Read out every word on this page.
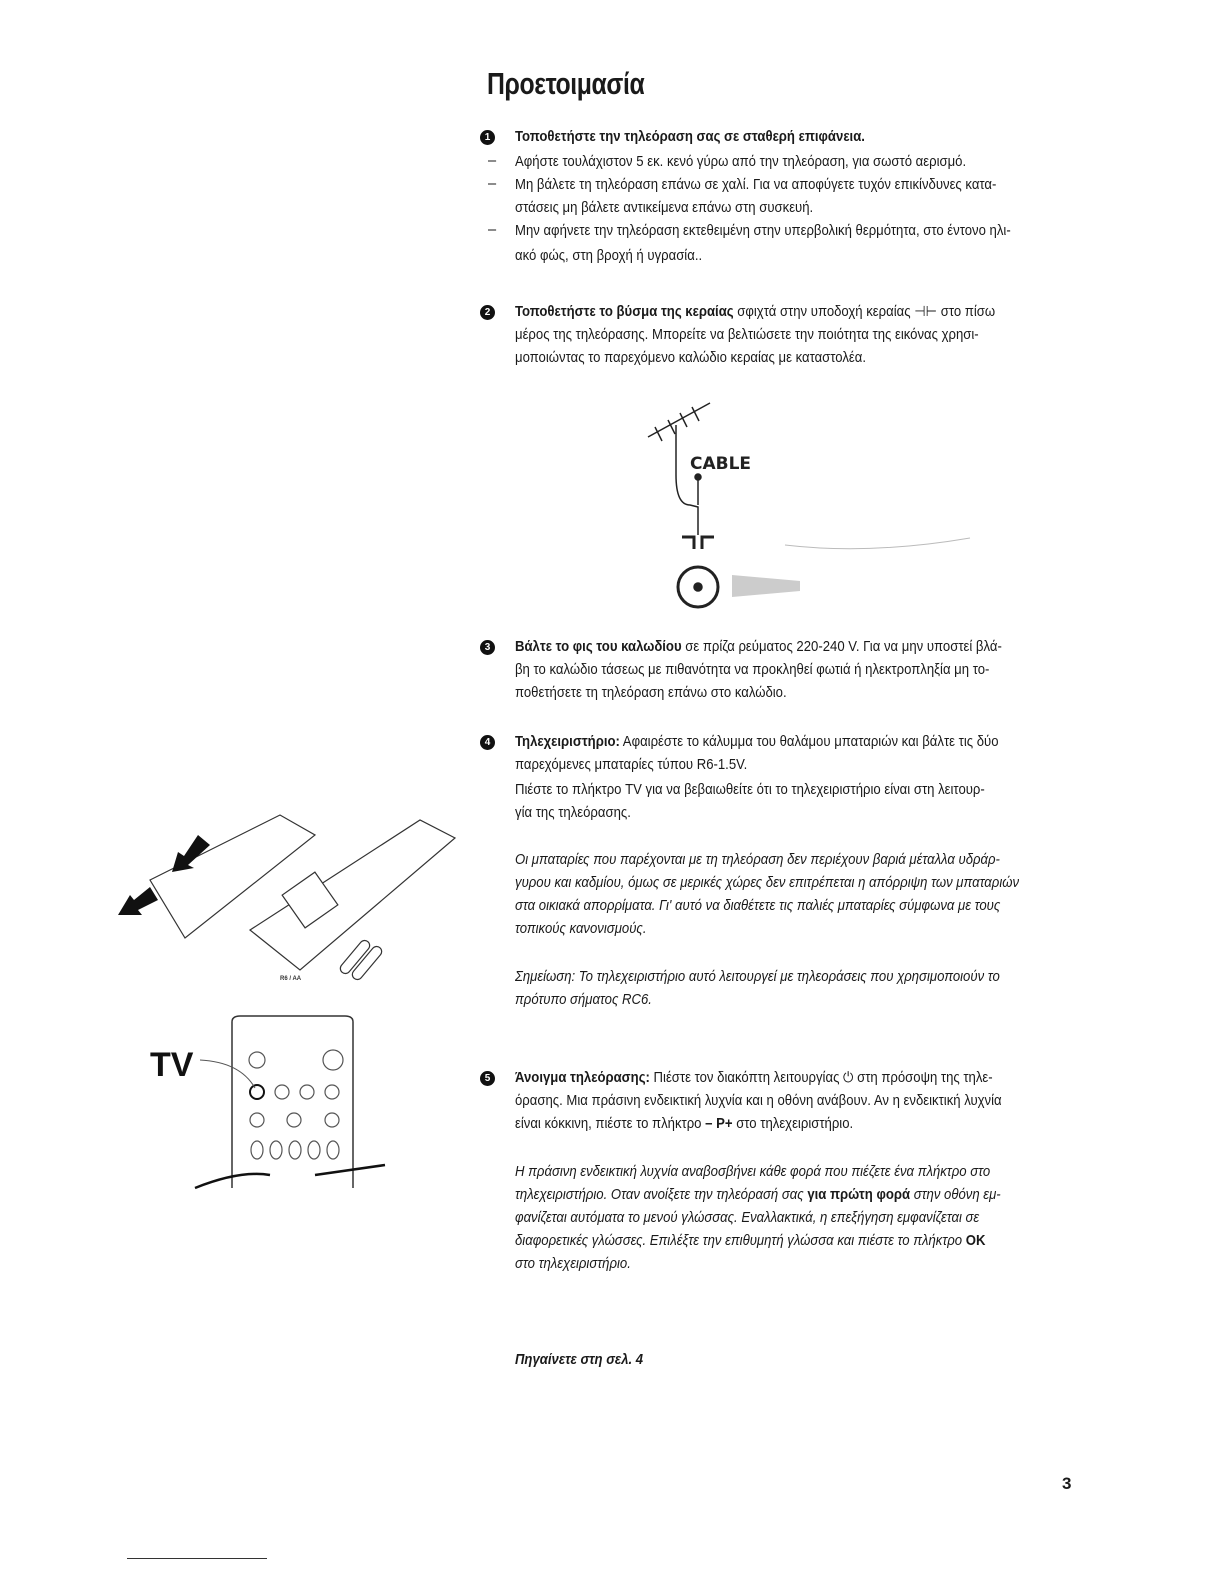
Προετοιμασία
1	Τοποθετήστε την τηλεόραση σας σε σταθερή επιφάνεια.
Αφήστε τουλάχιστον 5 εκ. κενό γύρω από την τηλεόραση, για σωστό αερισμό.
Μη βάλετε τη τηλεόραση επάνω σε χαλί. Για να αποφύγετε τυχόν επικίνδυνες κατα-
στάσεις μη βάλετε αντικείμενα επάνω στη συσκευή.
Μην αφήνετε την τηλεόραση εκτεθειμένη στην υπερβολική θερμότητα, στο έντονο ηλι-
ακό φώς, στη βροχή ή υγρασία..
–
–
–
2	Τοποθετήστε το βύσμα της κεραίας σφιχτά στην υποδοχή κεραίας ⊣⊢ στο πίσω
μέρος της τηλεόρασης. Μπορείτε να βελτιώσετε την ποιότητα της εικόνας χρησι-
μοποιώντας το παρεχόμενο καλώδιο κεραίας με καταστολέα.
CABLE
3	Βάλτε το φις του καλωδίου σε πρίζα ρεύματος 220-240 V. Για να μην υποστεί βλά-
βη το καλώδιο τάσεως με πιθανότητα να προκληθεί φωτιά ή ηλεκτροπληξία μη το-
ποθετήσετε τη τηλεόραση επάνω στο καλώδιο.
4	Τηλεχειριστήριο: Αφαιρέστε το κάλυμμα του θαλάμου μπαταριών και βάλτε τις δύο
παρεχόμενες μπαταρίες τύπου R6-1.5V.
Πιέστε το πλήκτρο TV για να βεβαιωθείτε ότι το τηλεχειριστήριο είναι στη λειτουρ-
γία της τηλεόρασης.
Οι μπαταρίες που παρέχονται με τη τηλεόραση δεν περιέχουν βαριά μέταλλα υδράρ-
γυρου και καδμίου, όμως σε μερικές χώρες δεν επιτρέπεται η απόρριψη των μπαταριών
στα οικιακά απορρίματα. Γι' αυτό να διαθέτετε τις παλιές μπαταρίες σύμφωνα με τους
τοπικούς κανονισμούς.
Σημείωση: Το τηλεχειριστήριο αυτό λειτουργεί με τηλεοράσεις που χρησιμοποιούν το
πρότυπο σήματος RC6.
R6 / AA
TV	5	Άνοιγμα τηλεόρασης: Πιέστε τον διακόπτη λειτουργίας ⏻ στη πρόσοψη της τηλε-
όρασης. Μια πράσινη ενδεικτική λυχνία και η οθόνη ανάβουν. Αν η ενδεικτική λυχνία
είναι κόκκινη, πιέστε το πλήκτρο – P+ στο τηλεχειριστήριο.
Η πράσινη ενδεικτική λυχνία αναβοσβήνει κάθε φορά που πιέζετε ένα πλήκτρο στο
τηλεχειριστήριο. Οταν ανοίξετε την τηλεόρασή σας για πρώτη φορά στην οθόνη εμ-
φανίζεται αυτόματα το μενού γλώσσας. Εναλλακτικά, η επεξήγηση εμφανίζεται σε
διαφορετικές γλώσσες. Επιλέξτε την επιθυμητή γλώσσα και πιέστε το πλήκτρο OK
στο τηλεχειριστήριο.
Πηγαίνετε στη σελ. 4
3
